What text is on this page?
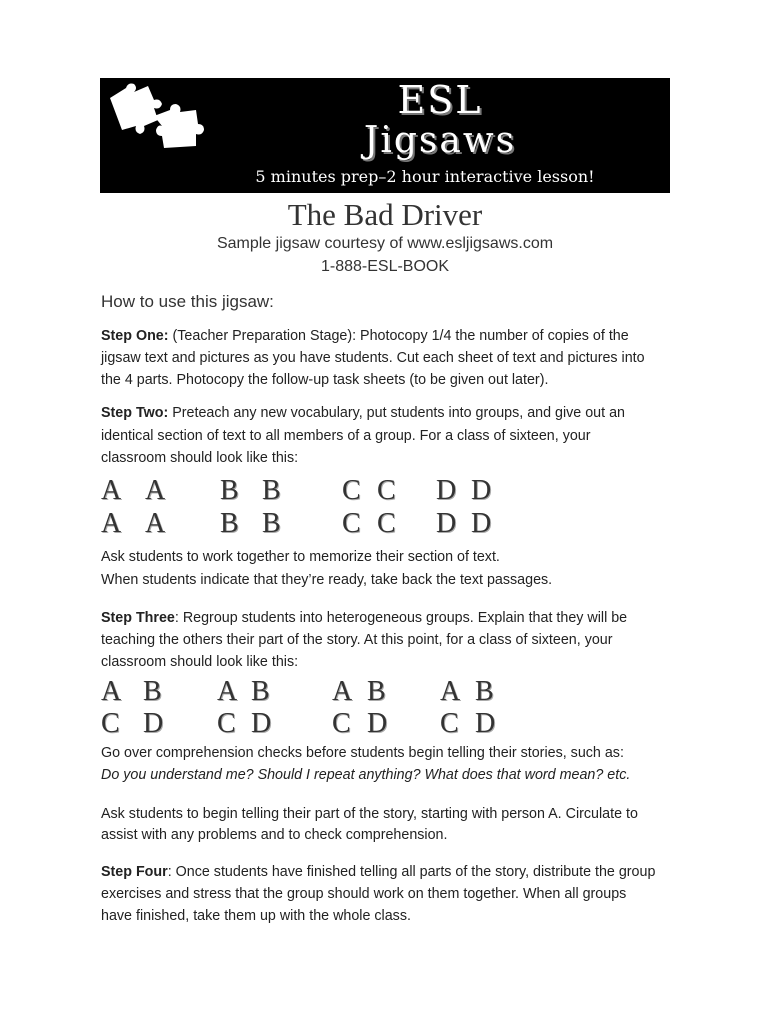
ESL
Jigsaws
5 minutes prep–2 hour interactive lesson!
The Bad Driver
Sample jigsaw courtesy of www.esljigsaws.com
1-888-ESL-BOOK
How to use this jigsaw:
Step One: (Teacher Preparation Stage): Photocopy 1/4 the number of copies of the
jigsaw text and pictures as you have students. Cut each sheet of text and pictures into
the 4 parts. Photocopy the follow-up task sheets (to be given out later).
Step Two: Preteach any new vocabulary, put students into groups, and give out an
identical section of text to all members of a group. For a class of sixteen, your
classroom should look like this:
A A B B C C D D
A A B B C C D D
Ask students to work together to memorize their section of text.
When students indicate that they’re ready, take back the text passages.
Step Three: Regroup students into heterogeneous groups. Explain that they will be
teaching the others their part of the story. At this point, for a class of sixteen, your
classroom should look like this:
A B A B A B A B
C D C D C D C D
Go over comprehension checks before students begin telling their stories, such as:
Do you understand me? Should I repeat anything? What does that word mean? etc.
Ask students to begin telling their part of the story, starting with person A. Circulate to
assist with any problems and to check comprehension.
Step Four: Once students have finished telling all parts of the story, distribute the group
exercises and stress that the group should work on them together. When all groups
have finished, take them up with the whole class.
